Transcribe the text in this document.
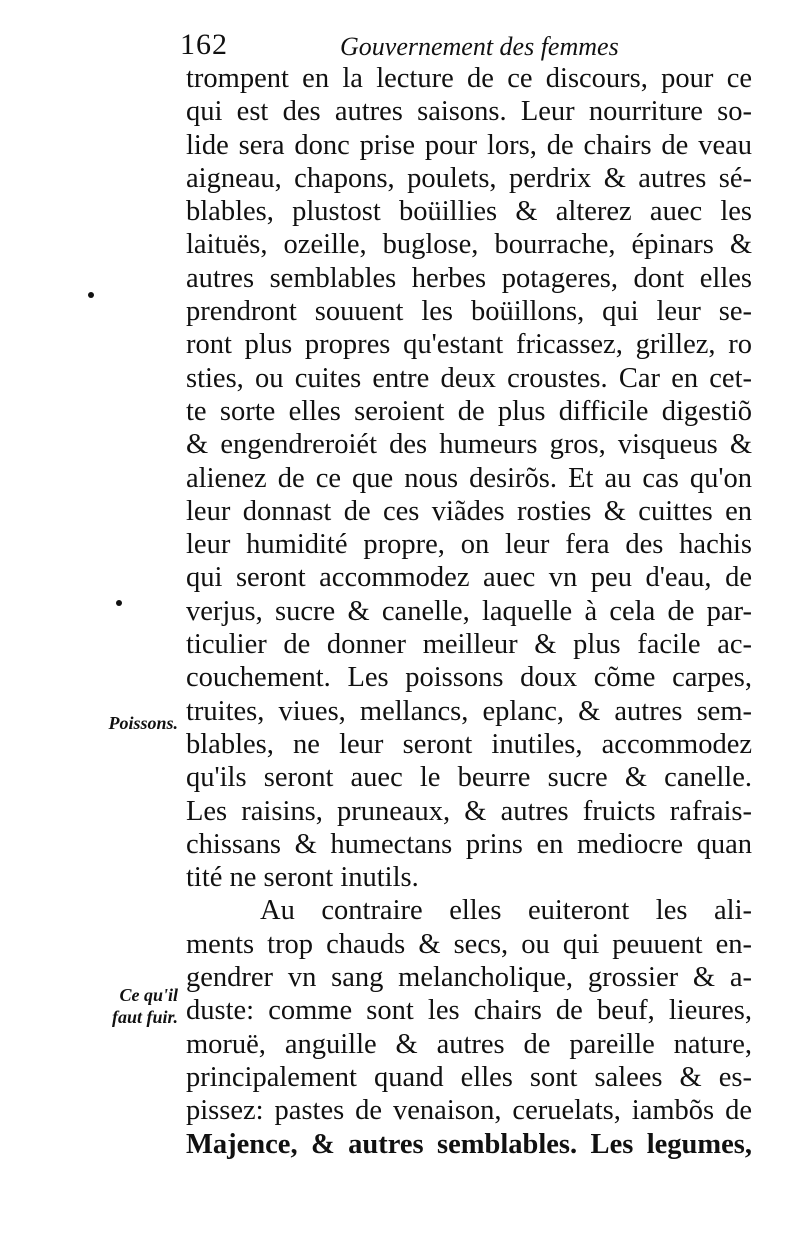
162	Gouvernement des femmes
Poissons.
Ce qu'il
faut fuir.
trompent en la lecture de ce discours, pour ce
qui est des autres saisons. Leur nourriture so-
lide sera donc prise pour lors, de chairs de veau
aigneau, chapons, poulets, perdrix & autres sé-
blables, plustost boüillies & alterez auec les
laituës, ozeille, buglose, bourrache, épinars &
autres semblables herbes potageres, dont elles
prendront souuent les boüillons, qui leur se-
ront plus propres qu'estant fricassez, grillez, ro
sties, ou cuites entre deux croustes. Car en cet-
te sorte elles seroient de plus difficile digestiõ
& engendreroiét des humeurs gros, visqueus &
alienez de ce que nous desirõs. Et au cas qu'on
leur donnast de ces viãdes rosties & cuittes en
leur humidité propre, on leur fera des hachis
qui seront accommodez auec vn peu d'eau, de
verjus, sucre & canelle, laquelle à cela de par-
ticulier de donner meilleur & plus facile ac-
couchement. Les poissons doux cõme carpes,
truites, viues, mellancs, eplanc, & autres sem-
blables, ne leur seront inutiles, accommodez
qu'ils seront auec le beurre sucre & canelle.
Les raisins, pruneaux, & autres fruicts rafrais-
chissans & humectans prins en mediocre quan
tité ne seront inutils.
Au contraire elles euiteront les ali-
ments trop chauds & secs, ou qui peuuent en-
gendrer vn sang melancholique, grossier & a-
duste: comme sont les chairs de beuf, lieures,
moruë, anguille & autres de pareille nature,
principalement quand elles sont salees & es-
pissez: pastes de venaison, ceruelats, iambõs de
Majence, & autres semblables. Les legumes,
